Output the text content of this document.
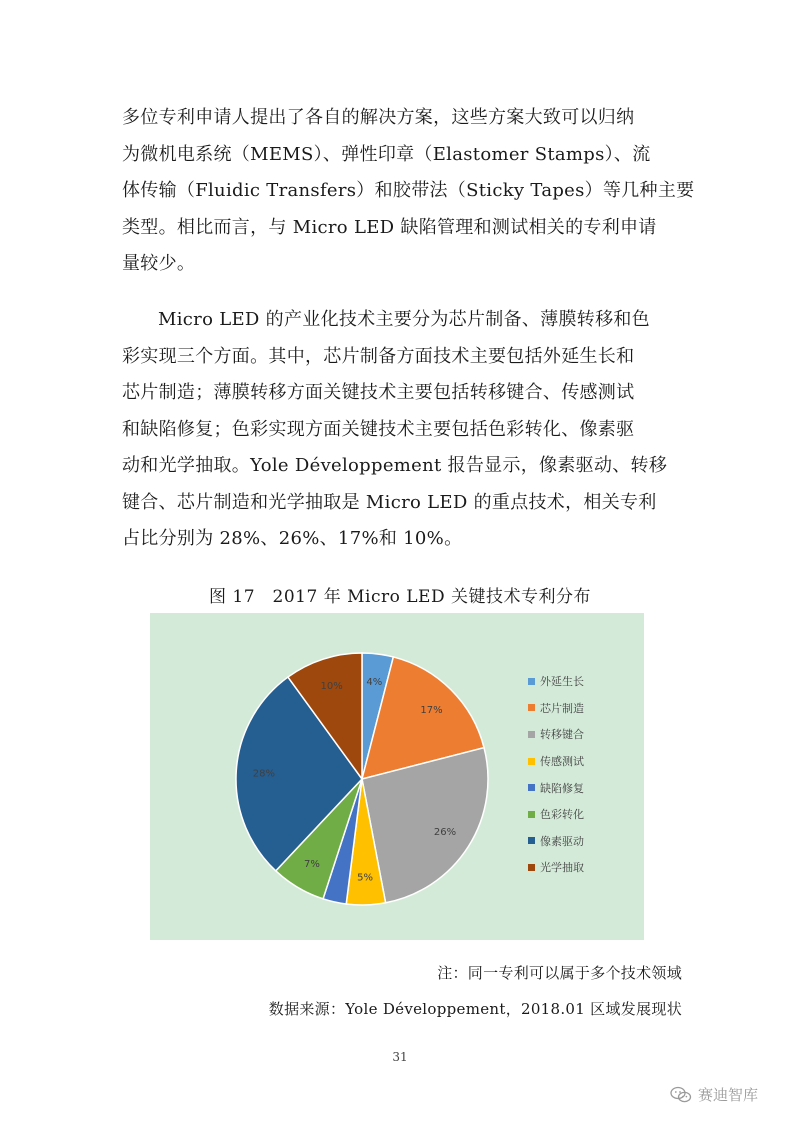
多位专利申请人提出了各自的解决方案，这些方案大致可以归纳
为微机电系统（MEMS）、弹性印章（Elastomer Stamps）、流
体传输（Fluidic Transfers）和胶带法（Sticky Tapes）等几种主要
类型。相比而言，与 Micro LED 缺陷管理和测试相关的专利申请
量较少。
Micro LED 的产业化技术主要分为芯片制备、薄膜转移和色
彩实现三个方面。其中，芯片制备方面技术主要包括外延生长和
芯片制造；薄膜转移方面关键技术主要包括转移键合、传感测试
和缺陷修复；色彩实现方面关键技术主要包括色彩转化、像素驱
动和光学抽取。Yole Développement 报告显示，像素驱动、转移
键合、芯片制造和光学抽取是 Micro LED 的重点技术，相关专利
占比分别为 28%、26%、17%和 10%。
图 17　2017 年 Micro LED 关键技术专利分布
4%
17%
26%
5%
7%
28%
10%	外延生长
芯片制造
转移键合
传感测试
缺陷修复
色彩转化
像素驱动
光学抽取
注：同一专利可以属于多个技术领域
数据来源：Yole Développement，2018.01 区域发展现状
31
赛迪智库
